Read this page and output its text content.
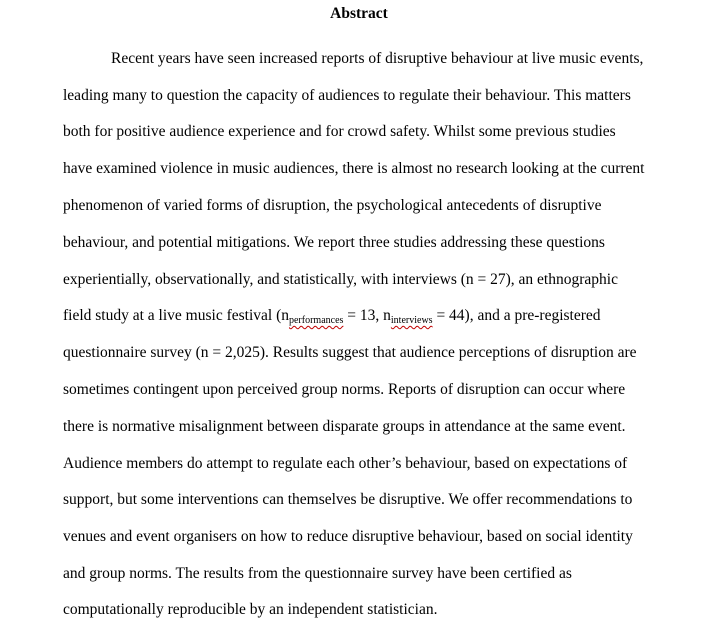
Abstract
Recent years have seen increased reports of disruptive behaviour at live music events,
leading many to question the capacity of audiences to regulate their behaviour. This matters
both for positive audience experience and for crowd safety. Whilst some previous studies
have examined violence in music audiences, there is almost no research looking at the current
phenomenon of varied forms of disruption, the psychological antecedents of disruptive
behaviour, and potential mitigations. We report three studies addressing these questions
experientially, observationally, and statistically, with interviews (n = 27), an ethnographic
field study at a live music festival (nperformances = 13, ninterviews = 44), and a pre-registered
questionnaire survey (n = 2,025). Results suggest that audience perceptions of disruption are
sometimes contingent upon perceived group norms. Reports of disruption can occur where
there is normative misalignment between disparate groups in attendance at the same event.
Audience members do attempt to regulate each other’s behaviour, based on expectations of
support, but some interventions can themselves be disruptive. We offer recommendations to
venues and event organisers on how to reduce disruptive behaviour, based on social identity
and group norms. The results from the questionnaire survey have been certified as
computationally reproducible by an independent statistician.
